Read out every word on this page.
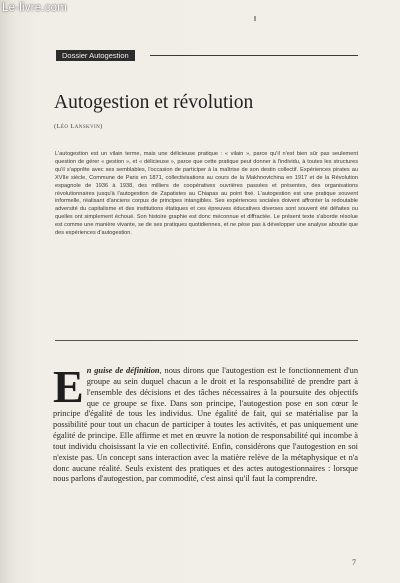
Le-livre.com
Dossier Autogestion
Autogestion et révolution
(Léo Lanskvin)

L'autogestion est un vilain terme, mais une délicieuse pratique : « vilain », parce qu'il n'est bien sûr pas seulement question de gérer « gestion », et « délicieuse », parce que cette pratique peut donner à l'individu, à toutes les structures qu'il s'apprête avec ses semblables, l'occasion de participer à la maîtrise de son destin collectif. Expériences pirates au XVIIe siècle, Commune de Paris en 1871, collectivisations au cours de la Makhnovtchina en 1917 et de la Révolution espagnole de 1936 à 1938, des milliers de coopératives ouvrières passées et présentes, des organisations révolutionnaires jusqu'à l'autogestion de Zapatistes au Chiapas au point fixé. L'autogestion est une pratique souvent informelle, réalisant d'anciens corpus de principes intangibles. Ses expériences sociales doivent affronter la redoutable adversité du capitalisme et des institutions étatiques et ces épreuves éducatives diverses sont souvent été défaites ou quelles ont simplement échoué. Son histoire graphie est donc méconnue et diffractée. Le présent texte s'aborde résolue est comme une manière vivante, se de ses pratiques quotidiennes, et ne pèse pas à développer une analyse aboutie que des expériences d'autogestion.

En guise de définition, nous dirons que l'autogestion est le fonctionnement d'un groupe au sein duquel chacun a le droit et la responsabilité de prendre part à l'ensemble des décisions et des tâches nécessaires à la poursuite des objectifs que ce groupe se fixe. Dans son principe, l'autogestion pose en son cœur le principe d'égalité de tous les individus. Une égalité de fait, qui se matérialise par la possibilité pour tout un chacun de participer à toutes les activités, et pas uniquement une égalité de principe. Elle affirme et met en œuvre la notion de responsabilité qui incombe à tout individu choisissant la vie en collectivité. Enfin, considérons que l'autogestion en soi n'existe pas. Un concept sans interaction avec la matière relève de la métaphysique et n'a donc aucune réalité. Seuls existent des pratiques et des actes autogestionnaires : lorsque nous parlons d'autogestion, par commodité, c'est ainsi qu'il faut la comprendre.

7
